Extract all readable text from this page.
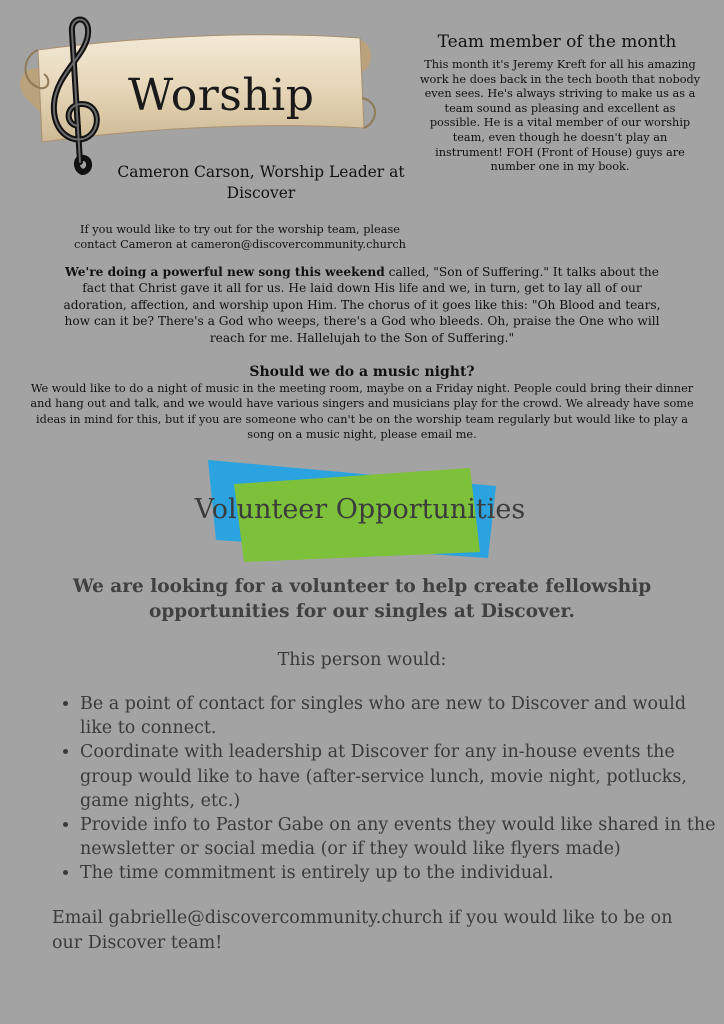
Worship
Cameron Carson, Worship Leader at Discover
Team member of the month
This month it's Jeremy Kreft for all his amazing work he does back in the tech booth that nobody even sees. He's always striving to make us as a team sound as pleasing and excellent as possible. He is a vital member of our worship team, even though he doesn't play an instrument! FOH (Front of House) guys are number one in my book.
If you would like to try out for the worship team, please contact Cameron at cameron@discovercommunity.church
We're doing a powerful new song this weekend called, "Son of Suffering." It talks about the fact that Christ gave it all for us. He laid down His life and we, in turn, get to lay all of our adoration, affection, and worship upon Him. The chorus of it goes like this: "Oh Blood and tears, how can it be? There's a God who weeps, there's a God who bleeds. Oh, praise the One who will reach for me. Hallelujah to the Son of Suffering."
Should we do a music night?
We would like to do a night of music in the meeting room, maybe on a Friday night. People could bring their dinner and hang out and talk, and we would have various singers and musicians play for the crowd. We already have some ideas in mind for this, but if you are someone who can't be on the worship team regularly but would like to play a song on a music night, please email me.
Volunteer Opportunities
We are looking for a volunteer to help create fellowship opportunities for our singles at Discover.
This person would:
• Be a point of contact for singles who are new to Discover and would like to connect.
• Coordinate with leadership at Discover for any in-house events the group would like to have (after-service lunch, movie night, potlucks, game nights, etc.)
• Provide info to Pastor Gabe on any events they would like shared in the newsletter or social media (or if they would like flyers made)
• The time commitment is entirely up to the individual.
Email gabrielle@discovercommunity.church if you would like to be on our Discover team!
